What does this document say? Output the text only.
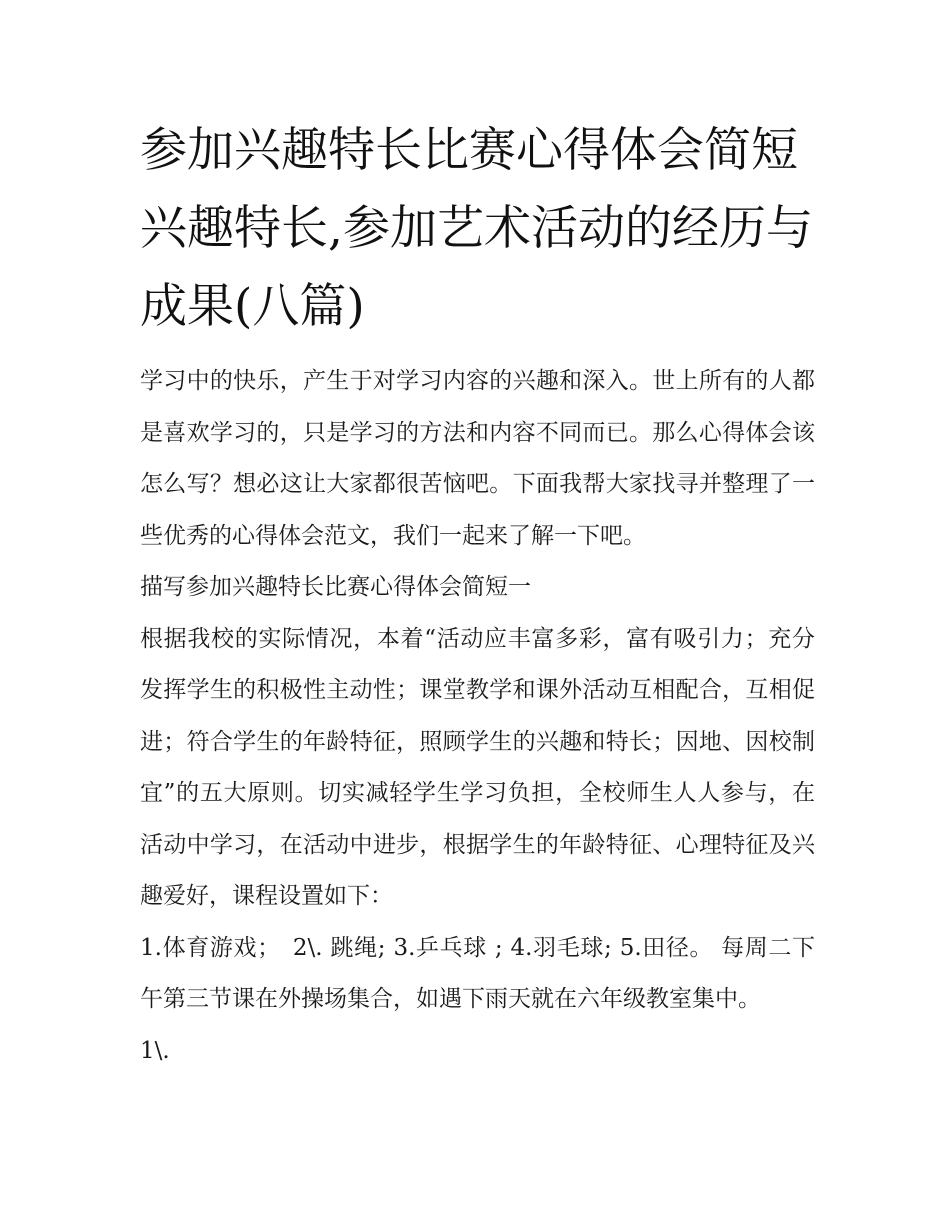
参加兴趣特长比赛心得体会简短 兴趣特长,参加艺术活动的经历与成果(八篇)

学习中的快乐，产生于对学习内容的兴趣和深入。世上所有的人都是喜欢学习的，只是学习的方法和内容不同而已。那么心得体会该怎么写？想必这让大家都很苦恼吧。下面我帮大家找寻并整理了一些优秀的心得体会范文，我们一起来了解一下吧。

描写参加兴趣特长比赛心得体会简短一

根据我校的实际情况，本着“活动应丰富多彩，富有吸引力；充分发挥学生的积极性主动性；课堂教学和课外活动互相配合，互相促进；符合学生的年龄特征，照顾学生的兴趣和特长；因地、因校制宜”的五大原则。切实减轻学生学习负担，全校师生人人参与，在活动中学习，在活动中进步，根据学生的年龄特征、心理特征及兴趣爱好，课程设置如下：

1.体育游戏；　2\. 跳绳; 3.乒乓球 ; 4.羽毛球; 5.田径。 每周二下午第三节课在外操场集合，如遇下雨天就在六年级教室集中。

1\.
